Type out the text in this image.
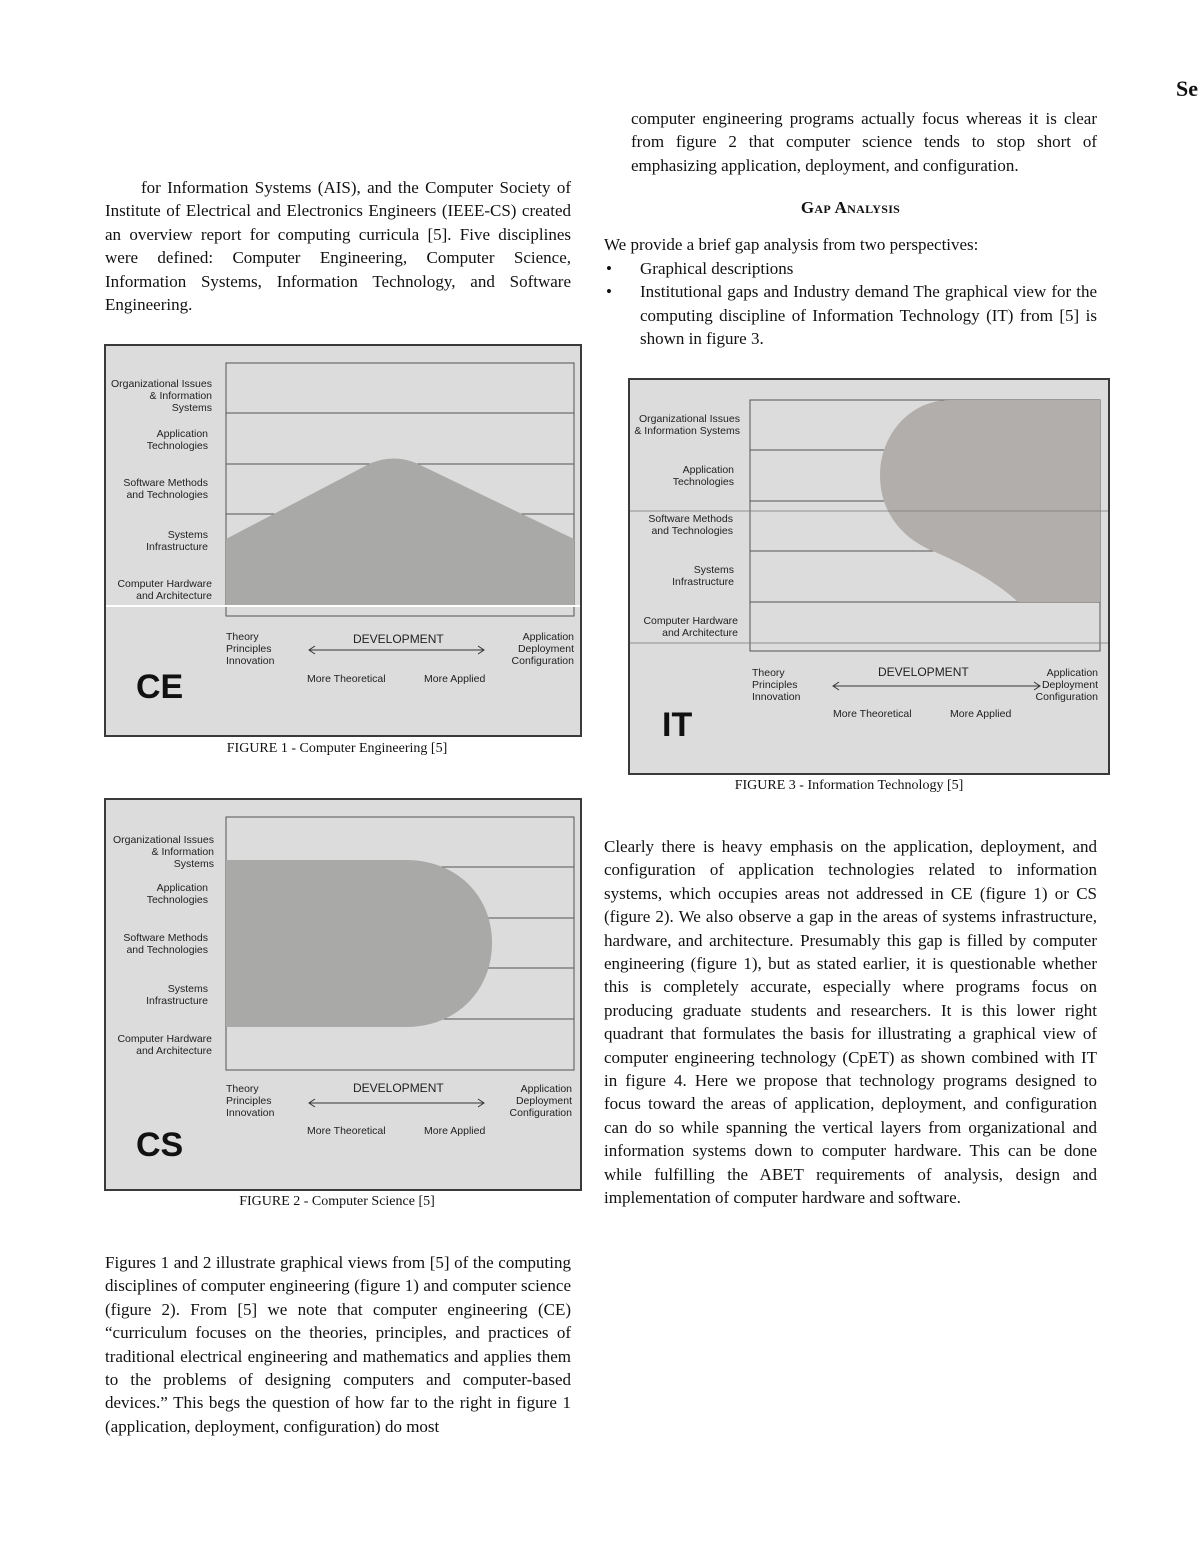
Se

for Information Systems (AIS), and the Computer Society of Institute of Electrical and Electronics Engineers (IEEE-CS) created an overview report for computing curricula [5]. Five disciplines were defined: Computer Engineering, Computer Science, Information Systems, Information Technology, and Software Engineering.

Organizational Issues
& Information Systems
Application
Technologies
Software Methods
and Technologies
Systems
Infrastructure
Computer Hardware
and Architecture
Theory
Principles
Innovation
DEVELOPMENT	Application
Deployment
Configuration
More Theoretical	More Applied
CE
FIGURE 1 - Computer Engineering [5]
Organizational Issues
& Information Systems
Application
Technologies
Software Methods
and Technologies
Systems
Infrastructure
Computer Hardware
and Architecture
Theory
Principles
Innovation
DEVELOPMENT	Application
Deployment
Configuration
More Theoretical	More Applied
CS
FIGURE 2 - Computer Science [5]

Figures 1 and 2 illustrate graphical views from [5] of the computing disciplines of computer engineering (figure 1) and computer science (figure 2). From [5] we note that computer engineering (CE) “curriculum focuses on the theories, principles, and practices of traditional electrical engineering and mathematics and applies them to the problems of designing computers and computer-based devices.” This begs the question of how far to the right in figure 1 (application, deployment, configuration) do most

computer engineering programs actually focus whereas it is clear from figure 2 that computer science tends to stop short of emphasizing application, deployment, and configuration.

Gap Analysis

We provide a brief gap analysis from two perspectives:

• Graphical descriptions
• Institutional gaps and Industry demand The graphical view for the computing discipline of Information Technology (IT) from [5] is shown in figure 3.
Organizational Issues
& Information Systems
Application
Technologies
Software Methods
and Technologies
Systems
Infrastructure
Computer Hardware
and Architecture
Theory
Principles
Innovation
DEVELOPMENT	Application
Deployment
Configuration
More Theoretical	More Applied
IT
FIGURE 3 - Information Technology [5]

Clearly there is heavy emphasis on the application, deployment, and configuration of application technologies related to information systems, which occupies areas not addressed in CE (figure 1) or CS (figure 2). We also observe a gap in the areas of systems infrastructure, hardware, and architecture. Presumably this gap is filled by computer engineering (figure 1), but as stated earlier, it is questionable whether this is completely accurate, especially where programs focus on producing graduate students and researchers. It is this lower right quadrant that formulates the basis for illustrating a graphical view of computer engineering technology (CpET) as shown combined with IT in figure 4. Here we propose that technology programs designed to focus toward the areas of application, deployment, and configuration can do so while spanning the vertical layers from organizational and information systems down to computer hardware. This can be done while fulfilling the ABET requirements of analysis, design and implementation of computer hardware and software.
